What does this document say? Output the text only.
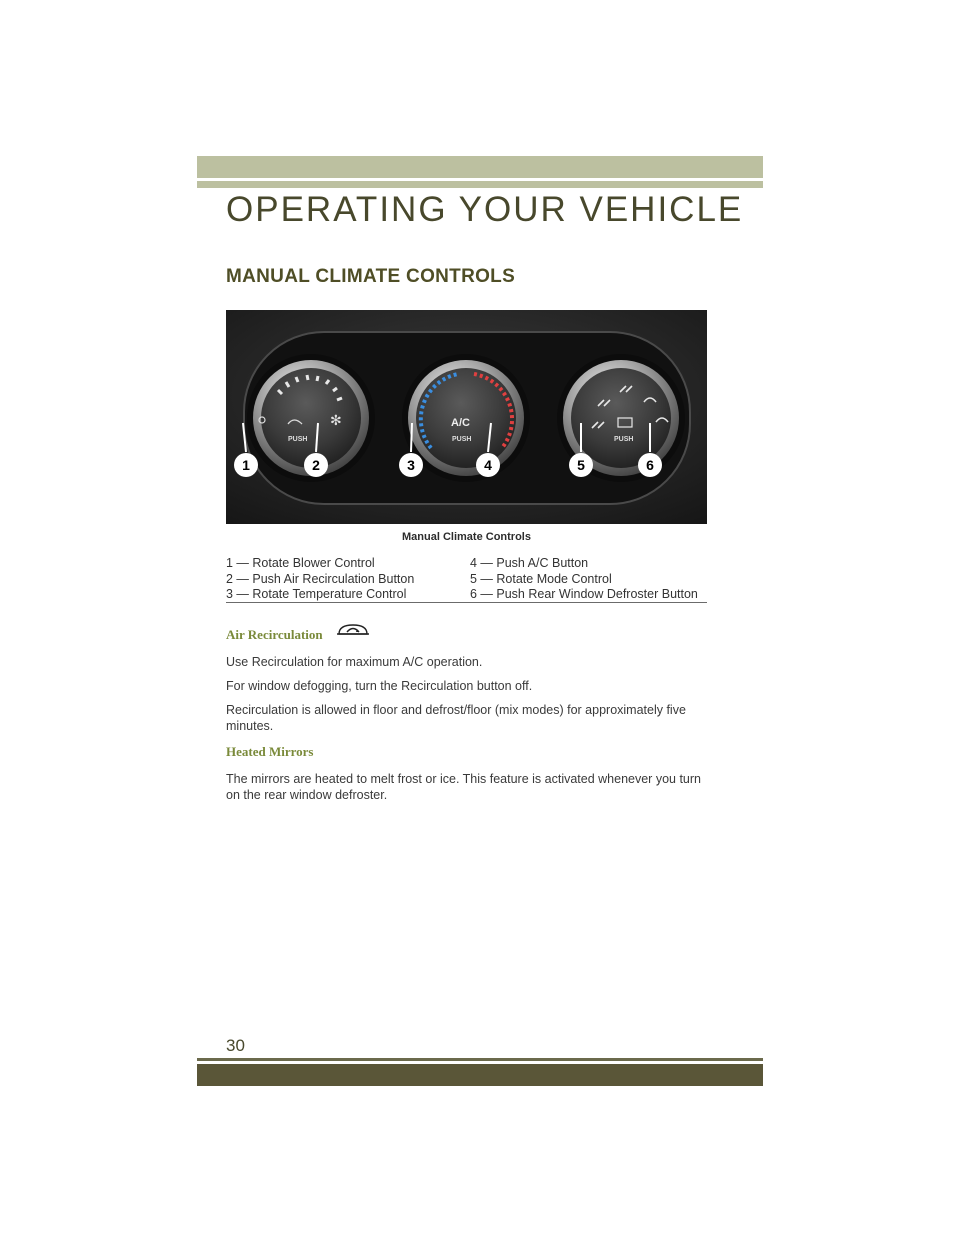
OPERATING YOUR VEHICLE
MANUAL CLIMATE CONTROLS
✻
PUSH
A/C
PUSH	PUSH
1	2	3	4	5	6
Manual Climate Controls
1 — Rotate Blower Control
2 — Push Air Recirculation Button
3 — Rotate Temperature Control
4 — Push A/C Button
5 — Rotate Mode Control
6 — Push Rear Window Defroster Button
Air Recirculation

Use Recirculation for maximum A/C operation.

For window defogging, turn the Recirculation button off.

Recirculation is allowed in floor and defrost/floor (mix modes) for approximately five minutes.

Heated Mirrors

The mirrors are heated to melt frost or ice. This feature is activated whenever you turn on the rear window defroster.

30
